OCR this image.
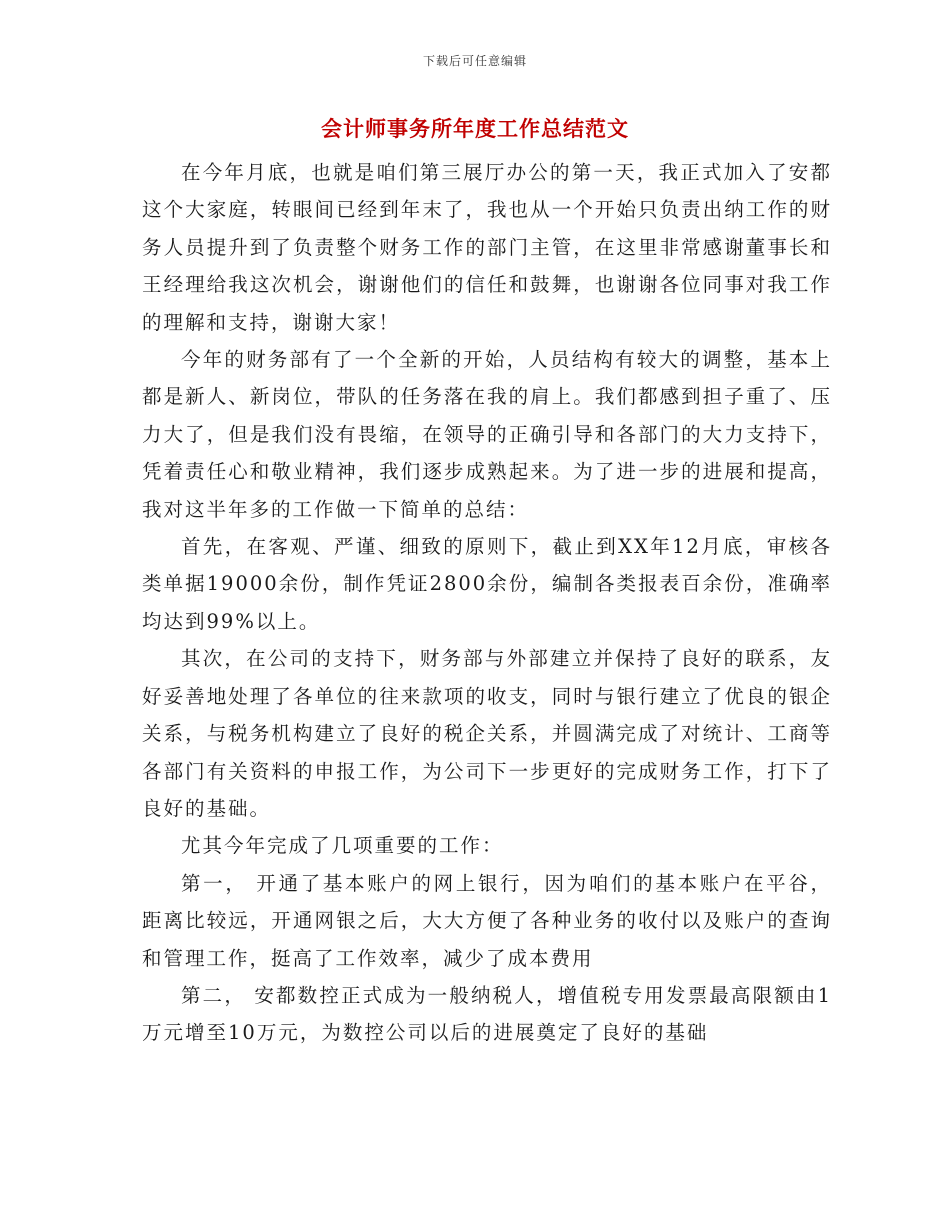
下载后可任意编辑
会计师事务所年度工作总结范文

在今年月底，也就是咱们第三展厅办公的第一天，我正式加入了安都这个大家庭，转眼间已经到年末了，我也从一个开始只负责出纳工作的财务人员提升到了负责整个财务工作的部门主管，在这里非常感谢董事长和王经理给我这次机会，谢谢他们的信任和鼓舞，也谢谢各位同事对我工作的理解和支持，谢谢大家！

今年的财务部有了一个全新的开始，人员结构有较大的调整，基本上都是新人、新岗位，带队的任务落在我的肩上。我们都感到担子重了、压力大了，但是我们没有畏缩，在领导的正确引导和各部门的大力支持下，凭着责任心和敬业精神，我们逐步成熟起来。为了进一步的进展和提高，我对这半年多的工作做一下简单的总结：

首先，在客观、严谨、细致的原则下，截止到XX年12月底，审核各类单据19000余份，制作凭证2800余份，编制各类报表百余份，准确率均达到99%以上。

其次，在公司的支持下，财务部与外部建立并保持了良好的联系，友好妥善地处理了各单位的往来款项的收支，同时与银行建立了优良的银企关系，与税务机构建立了良好的税企关系，并圆满完成了对统计、工商等各部门有关资料的申报工作，为公司下一步更好的完成财务工作，打下了良好的基础。

尤其今年完成了几项重要的工作：

第一， 开通了基本账户的网上银行，因为咱们的基本账户在平谷，距离比较远，开通网银之后，大大方便了各种业务的收付以及账户的查询和管理工作，挺高了工作效率，减少了成本费用

第二， 安都数控正式成为一般纳税人，增值税专用发票最高限额由1万元增至10万元，为数控公司以后的进展奠定了良好的基础
